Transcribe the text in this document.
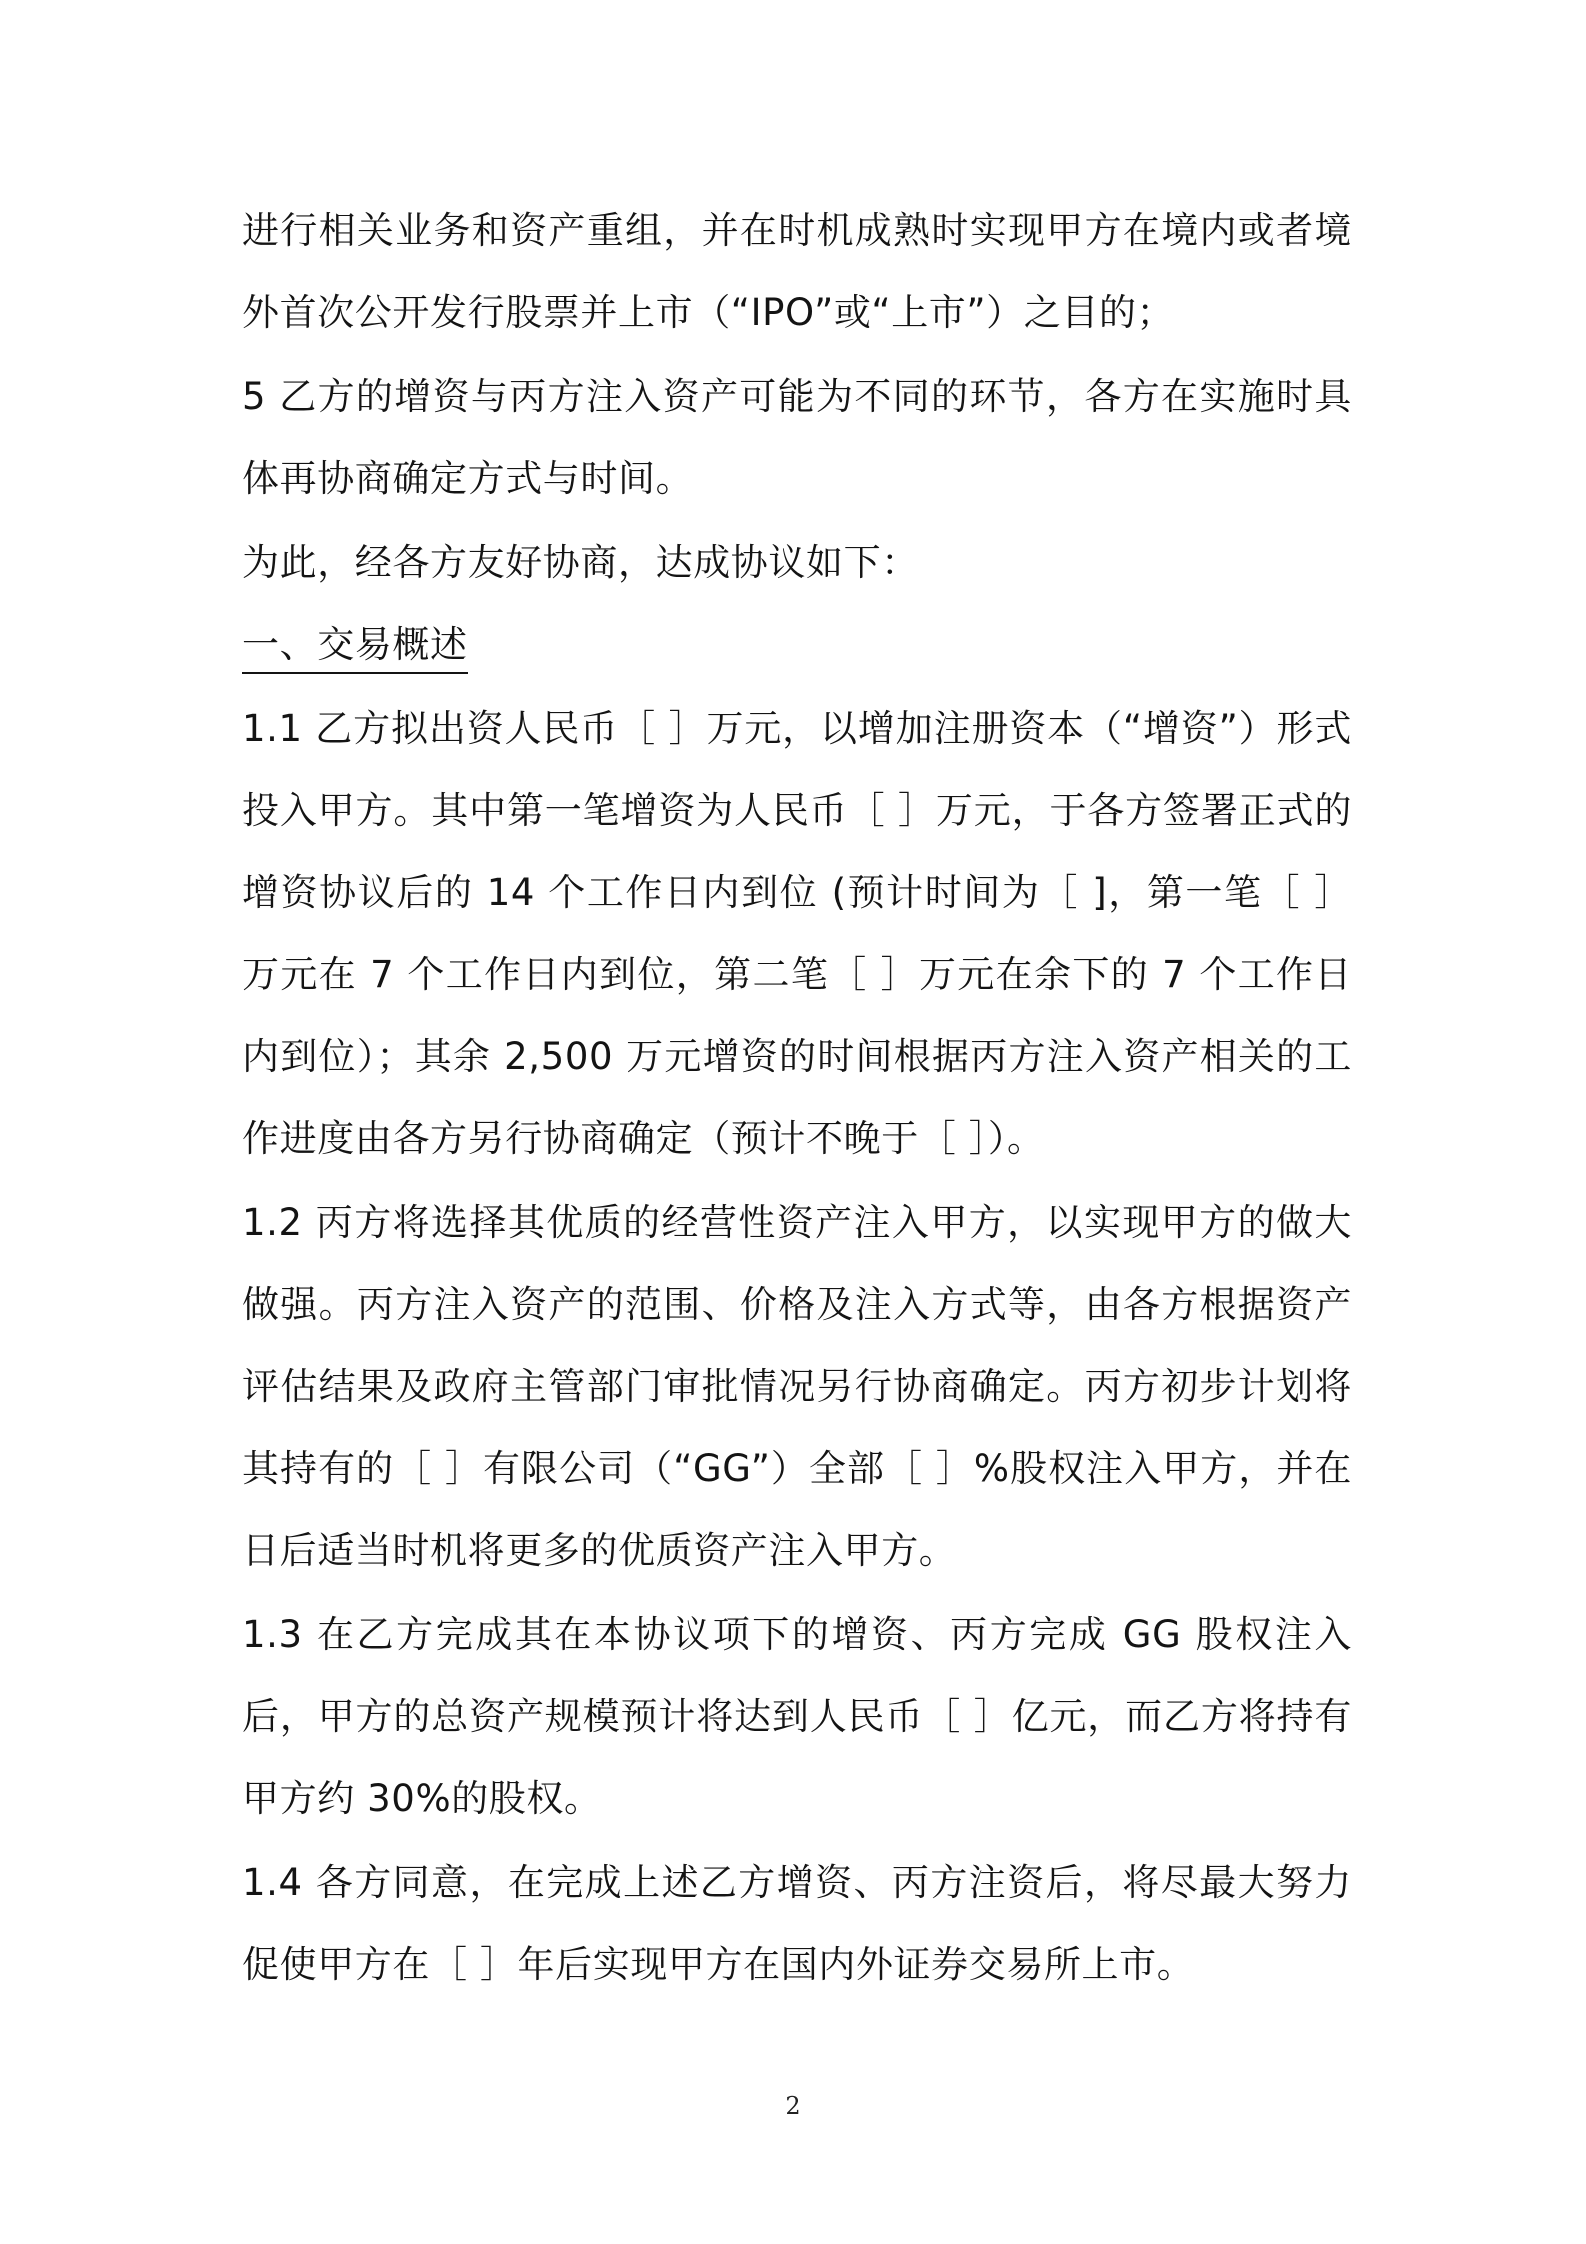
进行相关业务和资产重组，并在时机成熟时实现甲方在境内或者境外首次公开发行股票并上市（“IPO”或“上市”）之目的；

5 乙方的增资与丙方注入资产可能为不同的环节，各方在实施时具体再协商确定方式与时间。

为此，经各方友好协商，达成协议如下：

一、交易概述

1.1 乙方拟出资人民币［ ］万元，以增加注册资本（“增资”）形式投入甲方。其中第一笔增资为人民币［ ］万元，于各方签署正式的增资协议后的 14 个工作日内到位 (预计时间为［ ]，第一笔［ ］万元在 7 个工作日内到位，第二笔［ ］万元在余下的 7 个工作日内到位）；其余 2,500 万元增资的时间根据丙方注入资产相关的工作进度由各方另行协商确定（预计不晚于［ ］）。

1.2 丙方将选择其优质的经营性资产注入甲方，以实现甲方的做大做强。丙方注入资产的范围、价格及注入方式等，由各方根据资产评估结果及政府主管部门审批情况另行协商确定。丙方初步计划将其持有的［ ］有限公司（“GG”）全部［ ］%股权注入甲方，并在日后适当时机将更多的优质资产注入甲方。

1.3 在乙方完成其在本协议项下的增资、丙方完成 GG 股权注入后，甲方的总资产规模预计将达到人民币［ ］亿元，而乙方将持有甲方约 30%的股权。

1.4 各方同意，在完成上述乙方增资、丙方注资后，将尽最大努力促使甲方在［ ］年后实现甲方在国内外证券交易所上市。

2
